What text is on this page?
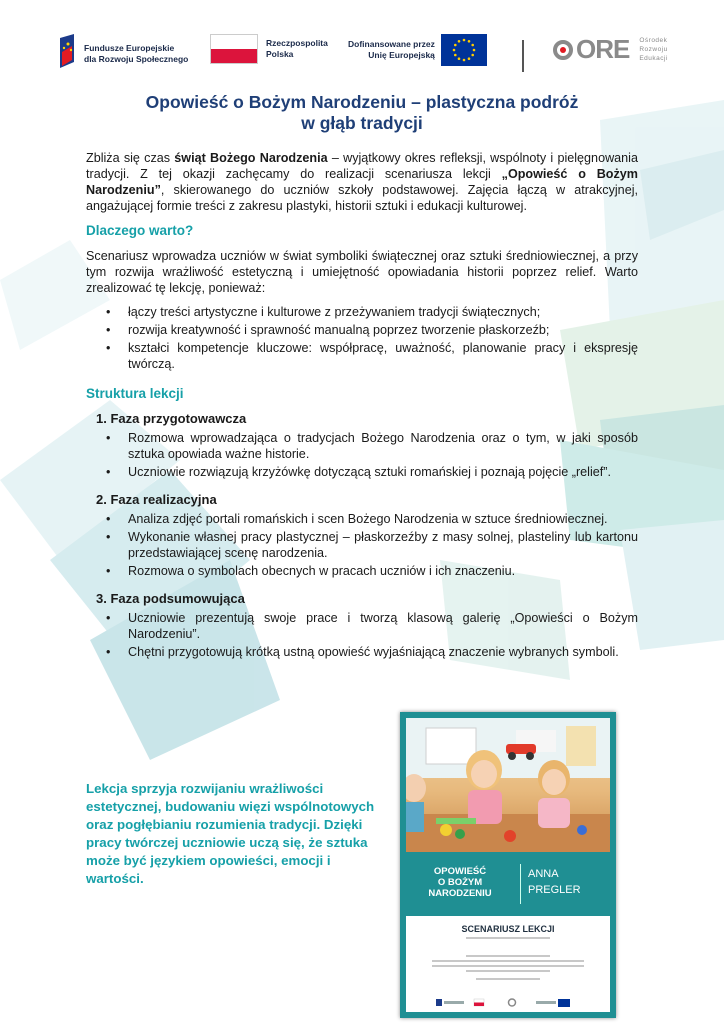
Fundusze Europejskie
dla Rozwoju Społecznego
Rzeczpospolita
Polska
Dofinansowane przez
Unię Europejską	ORE Ośrodek
Rozwoju
Edukacji
Opowieść o Bożym Narodzeniu – plastyczna podróż
w głąb tradycji

Zbliża się czas świąt Bożego Narodzenia – wyjątkowy okres refleksji, wspólnoty i pielęgnowania tradycji. Z tej okazji zachęcamy do realizacji scenariusza lekcji „Opowieść o Bożym Narodzeniu”, skierowanego do uczniów szkoły podstawowej. Zajęcia łączą w atrakcyjnej, angażującej formie treści z zakresu plastyki, historii sztuki i edukacji kulturowej.

Dlaczego warto?

Scenariusz wprowadza uczniów w świat symboliki świątecznej oraz sztuki średniowiecznej, a przy tym rozwija wrażliwość estetyczną i umiejętność opowiadania historii poprzez relief. Warto zrealizować tę lekcję, ponieważ:

• łączy treści artystyczne i kulturowe z przeżywaniem tradycji świątecznych;
• rozwija kreatywność i sprawność manualną poprzez tworzenie płaskorzeźb;
• kształci kompetencje kluczowe: współpracę, uważność, planowanie pracy i ekspresję twórczą.
Struktura lekcji
1. Faza przygotowawcza
• Rozmowa wprowadzająca o tradycjach Bożego Narodzenia oraz o tym, w jaki sposób sztuka opowiada ważne historie.
• Uczniowie rozwiązują krzyżówkę dotyczącą sztuki romańskiej i poznają pojęcie „relief”.
2. Faza realizacyjna
• Analiza zdjęć portali romańskich i scen Bożego Narodzenia w sztuce średniowiecznej.
• Wykonanie własnej pracy plastycznej – płaskorzeźby z masy solnej, plasteliny lub kartonu przedstawiającej scenę narodzenia.
• Rozmowa o symbolach obecnych w pracach uczniów i ich znaczeniu.
3. Faza podsumowująca
• Uczniowie prezentują swoje prace i tworzą klasową galerię „Opowieści o Bożym Narodzeniu”.
• Chętni przygotowują krótką ustną opowieść wyjaśniającą znaczenie wybranych symboli.

Lekcja sprzyja rozwijaniu wrażliwości estetycznej, budowaniu więzi wspólnotowych oraz pogłębianiu rozumienia tradycji. Dzięki pracy twórczej uczniowie uczą się, że sztuka może być językiem opowieści, emocji i wartości.	OPOWIEŚĆ
O BOŻYM
NARODZENIU
ANNA
PREGLER
SCENARIUSZ LEKCJI
